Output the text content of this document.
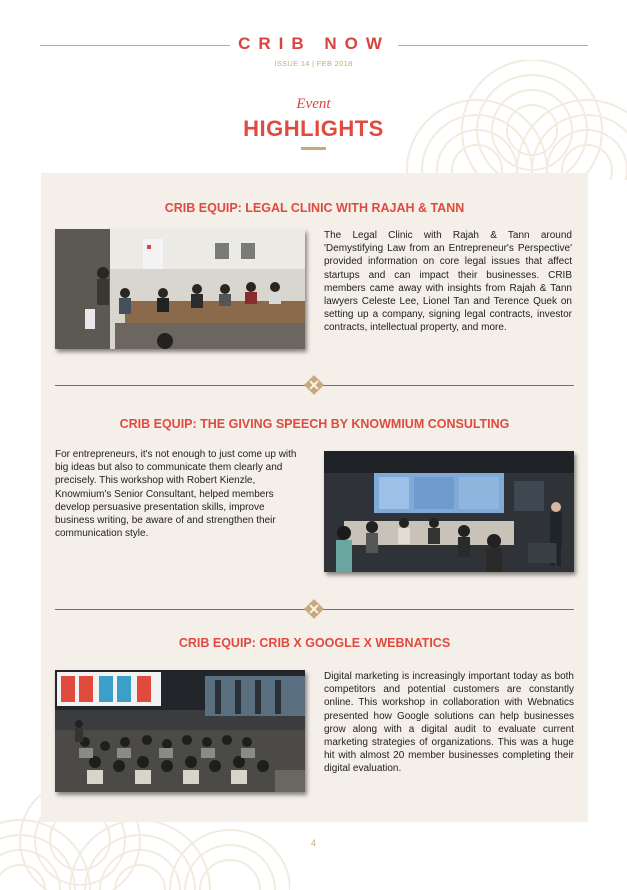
CRIB NOW
ISSUE 14 | FEB 2018
Event
HIGHLIGHTS
CRIB EQUIP: LEGAL CLINIC WITH RAJAH & TANN
The Legal Clinic with Rajah & Tann around 'Demystifying Law from an Entrepreneur's Perspective' provided information on core legal issues that affect startups and can impact their businesses. CRIB members came away with insights from Rajah & Tann lawyers Celeste Lee, Lionel Tan and Terence Quek on setting up a company, signing legal contracts, investor contracts, intellectual property, and more.
CRIB EQUIP: THE GIVING SPEECH BY KNOWMIUM CONSULTING
For entrepreneurs, it's not enough to just come up with big ideas but also to communicate them clearly and precisely. This workshop with Robert Kienzle, Knowmium's Senior Consultant, helped members develop persuasive presentation skills, improve business writing, be aware of and strengthen their communication style.
CRIB EQUIP: CRIB X GOOGLE X WEBNATICS
Digital marketing is increasingly important today as both competitors and potential customers are constantly online. This workshop in collaboration with Webnatics presented how Google solutions can help businesses grow along with a digital audit to evaluate current marketing strategies of organizations. This was a huge hit with almost 20 member businesses completing their digital evaluation.
4
